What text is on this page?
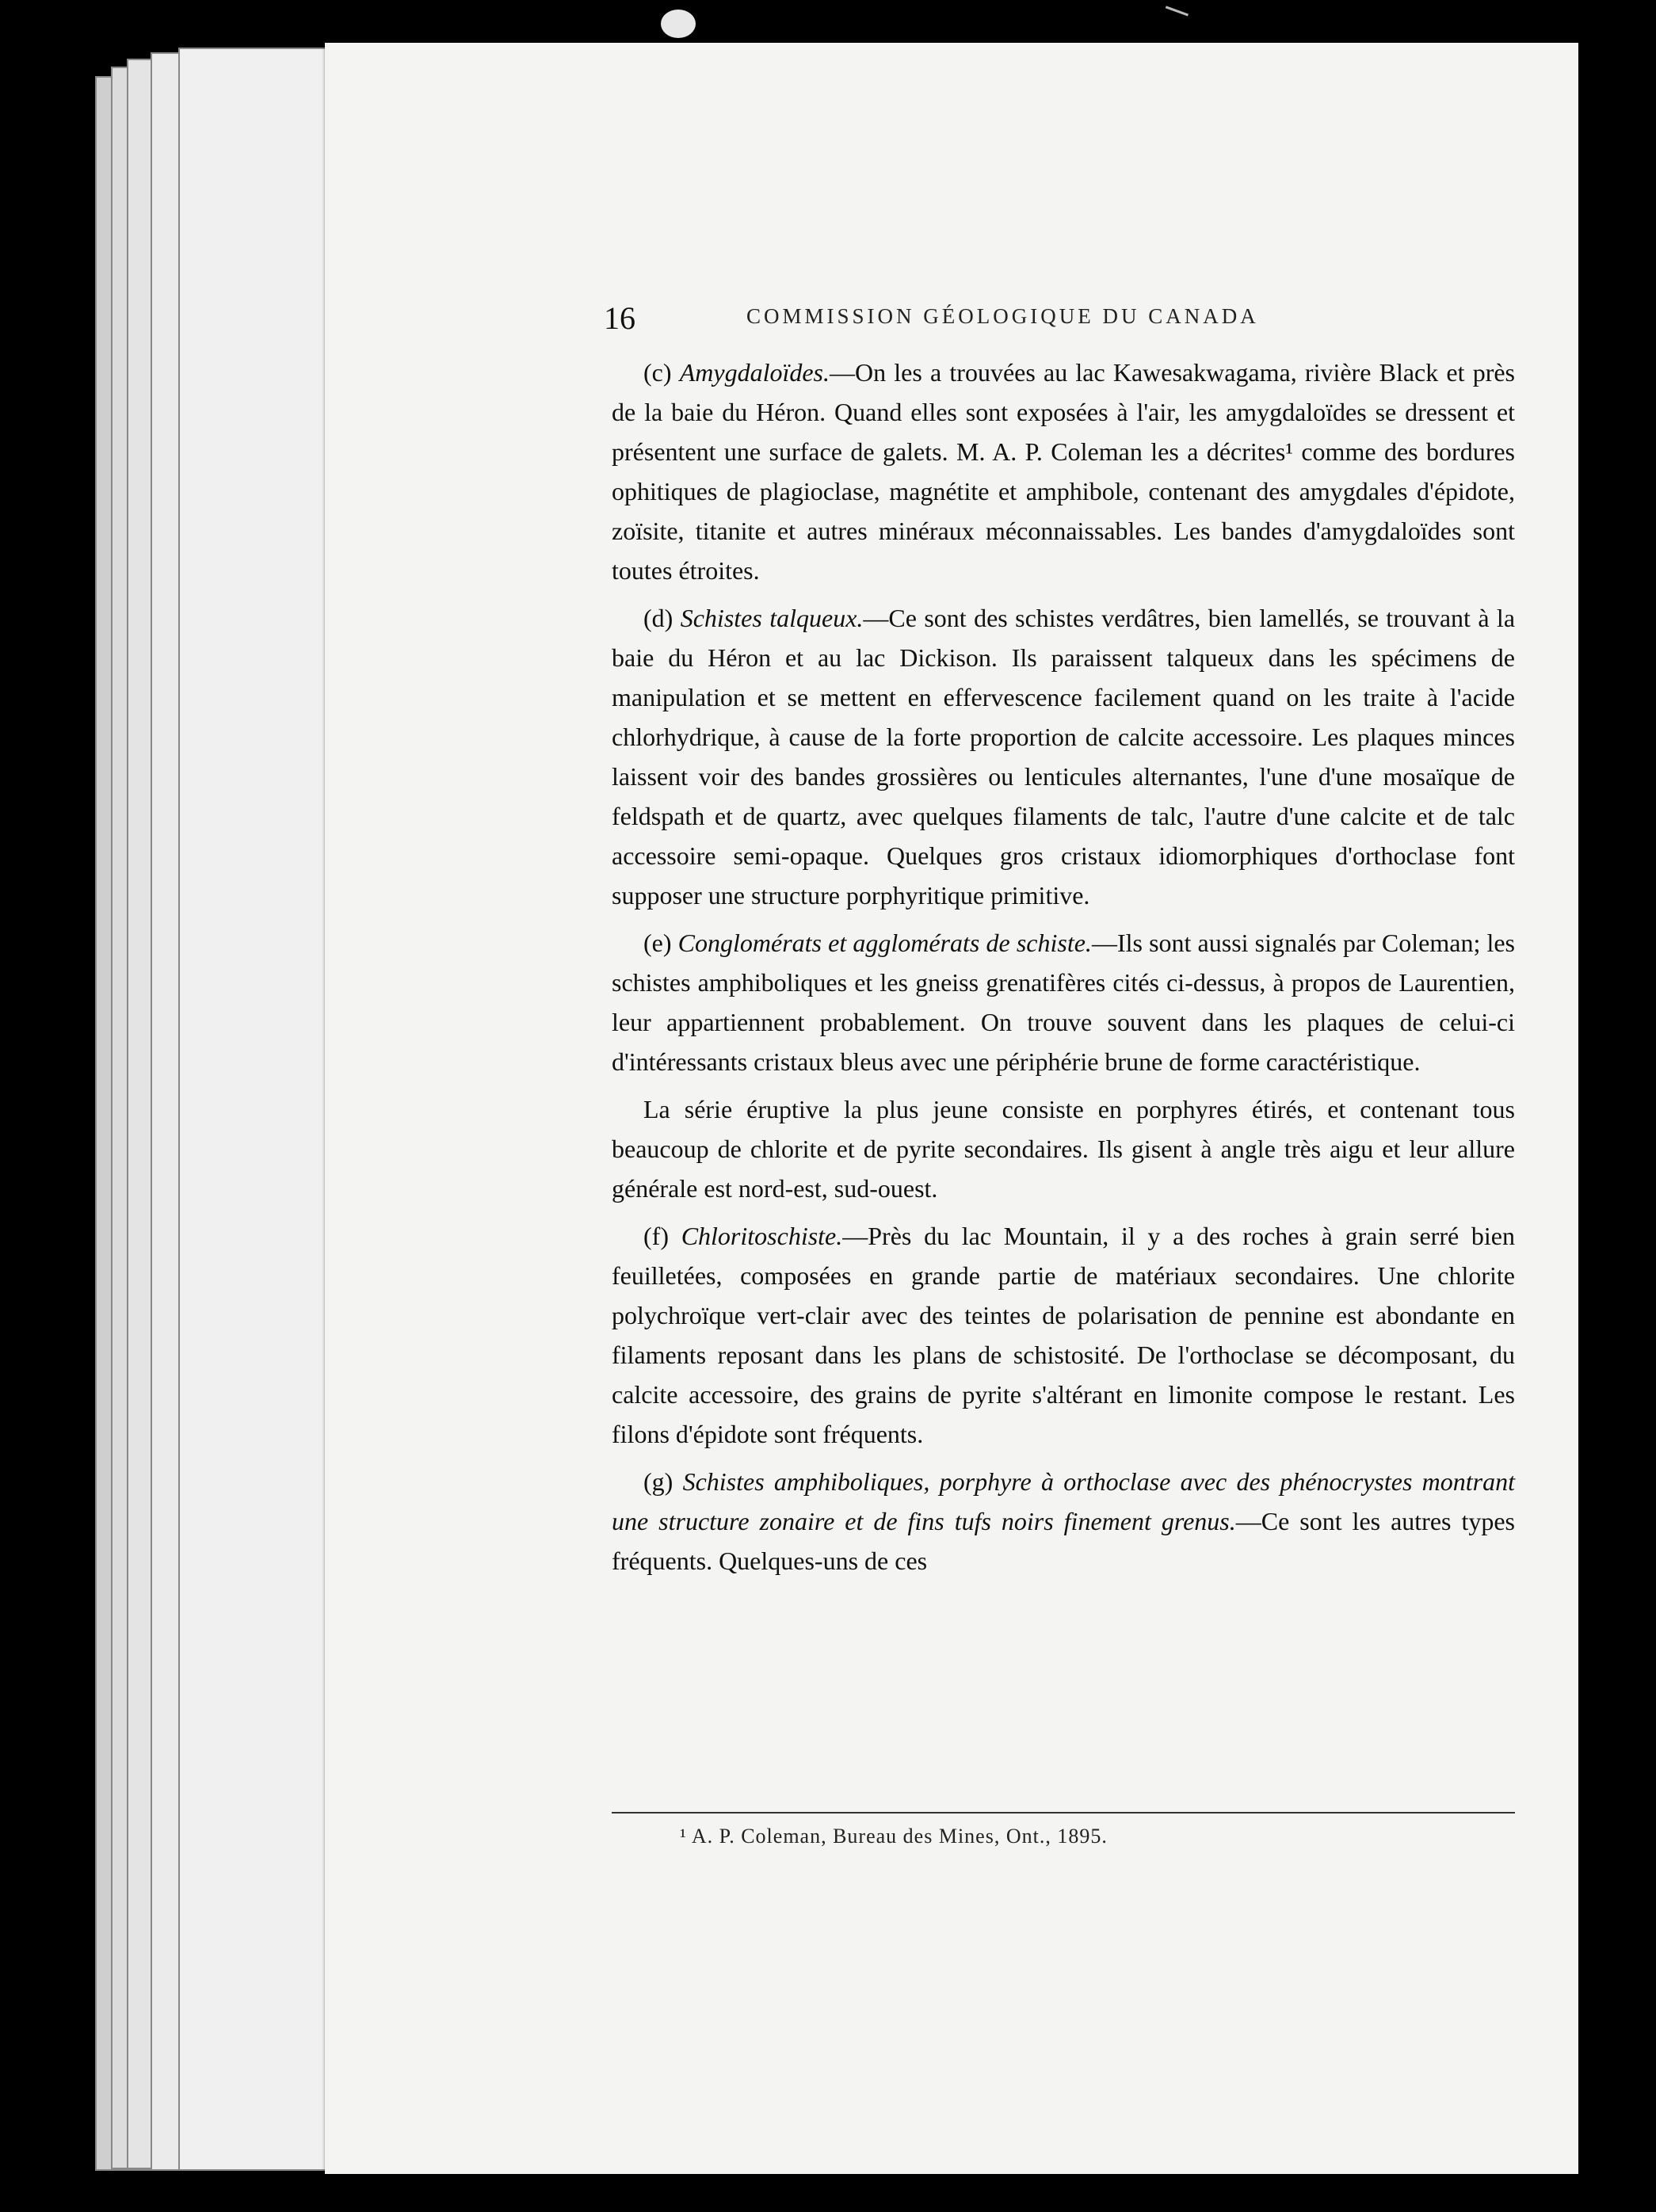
16	COMMISSION GÉOLOGIQUE DU CANADA

(c) Amygdaloïdes.—On les a trouvées au lac Kawesakwagama, rivière Black et près de la baie du Héron. Quand elles sont exposées à l'air, les amygdaloïdes se dressent et présentent une surface de galets. M. A. P. Coleman les a décrites¹ comme des bordures ophitiques de plagioclase, magnétite et amphibole, contenant des amygdales d'épidote, zoïsite, titanite et autres minéraux méconnaissables. Les bandes d'amygdaloïdes sont toutes étroites.

(d) Schistes talqueux.—Ce sont des schistes verdâtres, bien lamellés, se trouvant à la baie du Héron et au lac Dickison. Ils paraissent talqueux dans les spécimens de manipulation et se mettent en effervescence facilement quand on les traite à l'acide chlorhydrique, à cause de la forte proportion de calcite accessoire. Les plaques minces laissent voir des bandes grossières ou lenticules alternantes, l'une d'une mosaïque de feldspath et de quartz, avec quelques filaments de talc, l'autre d'une calcite et de talc accessoire semi-opaque. Quelques gros cristaux idiomorphiques d'orthoclase font supposer une structure porphyritique primitive.

(e) Conglomérats et agglomérats de schiste.—Ils sont aussi signalés par Coleman; les schistes amphiboliques et les gneiss grenatifères cités ci-dessus, à propos de Laurentien, leur appartiennent probablement. On trouve souvent dans les plaques de celui-ci d'intéressants cristaux bleus avec une périphérie brune de forme caractéristique.

La série éruptive la plus jeune consiste en porphyres étirés, et contenant tous beaucoup de chlorite et de pyrite secondaires. Ils gisent à angle très aigu et leur allure générale est nord-est, sud-ouest.

(f) Chloritoschiste.—Près du lac Mountain, il y a des roches à grain serré bien feuilletées, composées en grande partie de matériaux secondaires. Une chlorite polychroïque vert-clair avec des teintes de polarisation de pennine est abondante en filaments reposant dans les plans de schistosité. De l'orthoclase se décomposant, du calcite accessoire, des grains de pyrite s'altérant en limonite compose le restant. Les filons d'épidote sont fréquents.

(g) Schistes amphiboliques, porphyre à orthoclase avec des phénocrystes montrant une structure zonaire et de fins tufs noirs finement grenus.—Ce sont les autres types fréquents. Quelques-uns de ces

¹ A. P. Coleman, Bureau des Mines, Ont., 1895.
